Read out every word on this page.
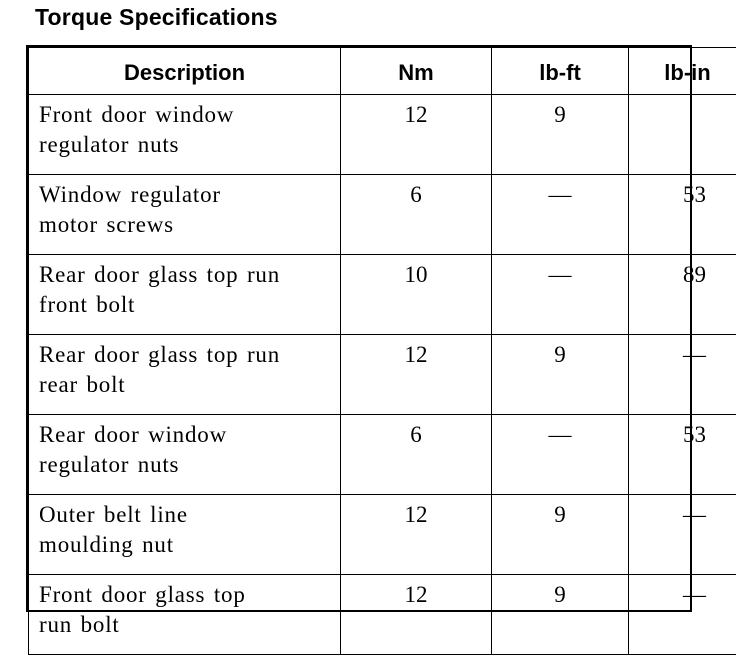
Torque Specifications
Description	Nm	lb-ft	lb-in

Front door window
regulator nuts	12	9	

Window regulator
motor screws	6	—	53

Rear door glass top run
front bolt	10	—	89

Rear door glass top run
rear bolt	12	9	—

Rear door window
regulator nuts	6	—	53

Outer belt line
moulding nut	12	9	—

Front door glass top
run bolt	12	9	—
